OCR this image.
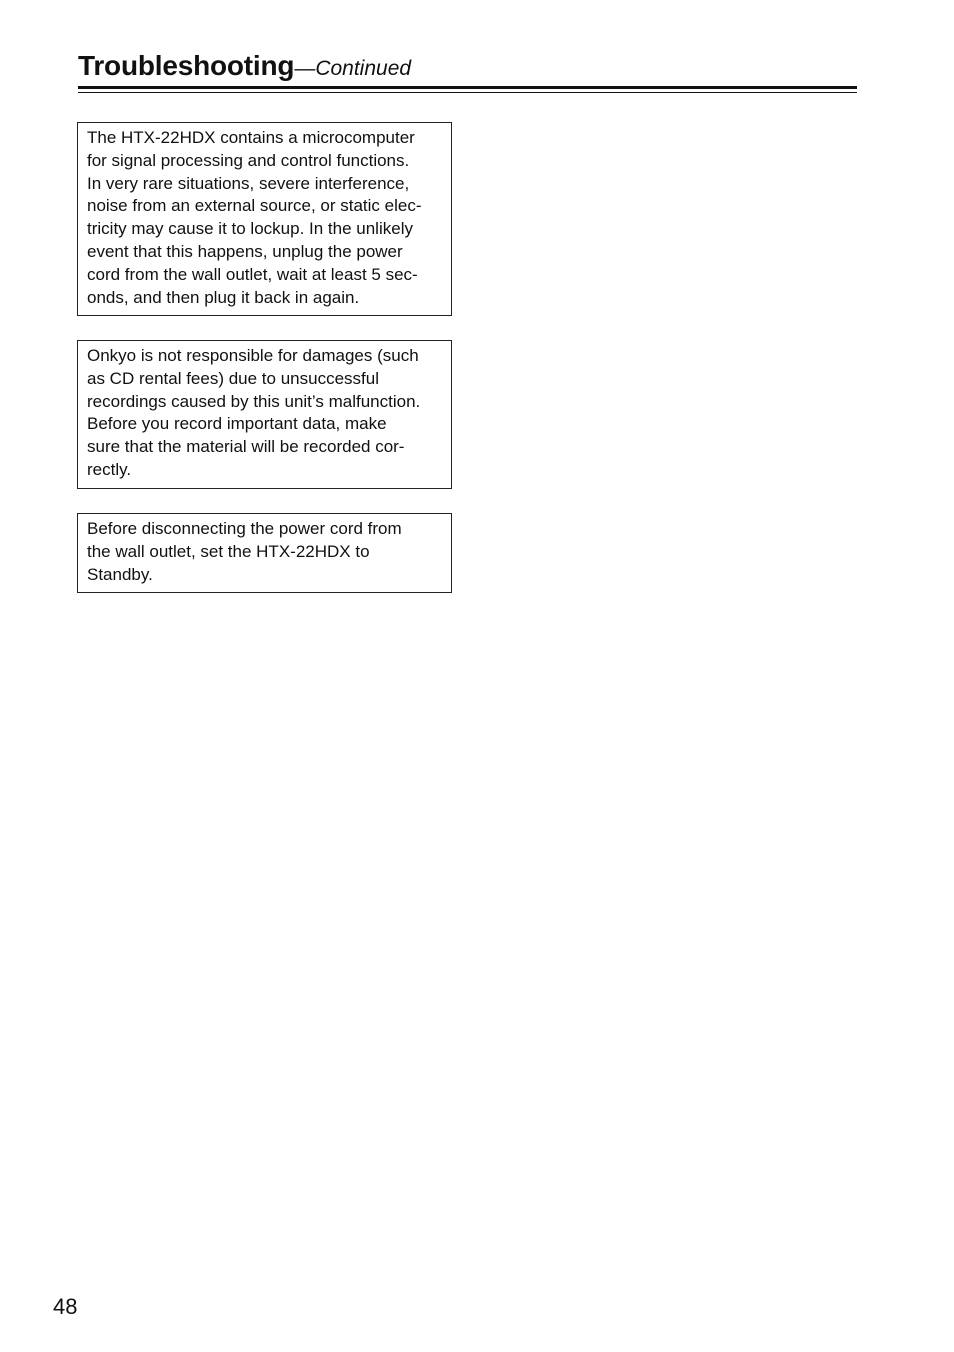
Troubleshooting—Continued

The HTX-22HDX contains a microcomputer

for signal processing and control functions.

In very rare situations, severe interference,

noise from an external source, or static elec-

tricity may cause it to lockup. In the unlikely

event that this happens, unplug the power

cord from the wall outlet, wait at least 5 sec-

onds, and then plug it back in again.

Onkyo is not responsible for damages (such

as CD rental fees) due to unsuccessful

recordings caused by this unit’s malfunction.

Before you record important data, make

sure that the material will be recorded cor-

rectly.

Before disconnecting the power cord from

the wall outlet, set the HTX-22HDX to

Standby.

48
